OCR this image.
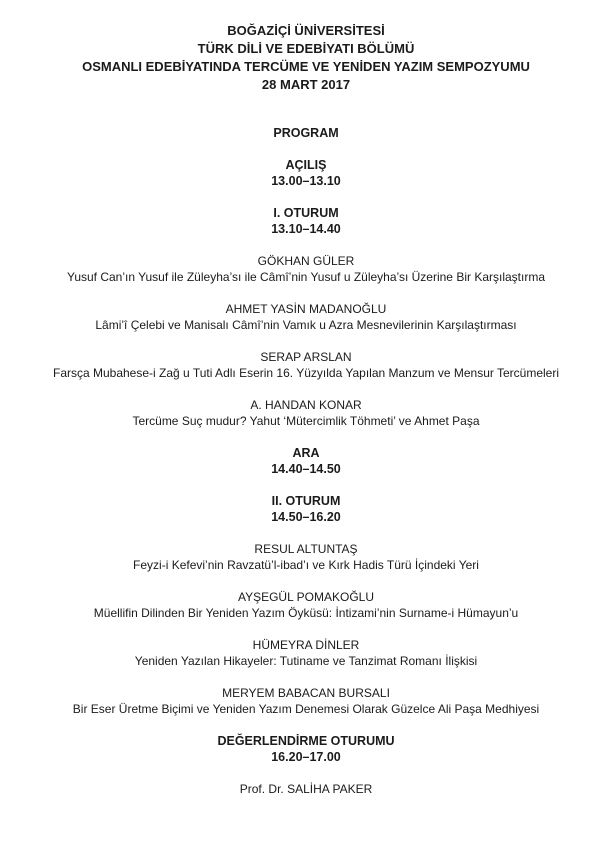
BOĞAZİÇİ ÜNİVERSİTESİ
TÜRK DİLİ VE EDEBİYATI BÖLÜMÜ
OSMANLI EDEBİYATINDA TERCÜME VE YENİDEN YAZIM SEMPOZYUMU
28 MART 2017
PROGRAM
AÇILIŞ
13.00–13.10
I. OTURUM
13.10–14.40
GÖKHAN GÜLER
Yusuf Can’ın Yusuf ile Züleyha’sı ile Câmî’nin Yusuf u Züleyha’sı Üzerine Bir Karşılaştırma
AHMET YASİN MADANOĞLU
Lâmi’î Çelebi ve Manisalı Câmî’nin Vamık u Azra Mesnevilerinin Karşılaştırması
SERAP ARSLAN
Farsça Mubahese-i Zağ u Tuti Adlı Eserin 16. Yüzyılda Yapılan Manzum ve Mensur Tercümeleri
A. HANDAN KONAR
Tercüme Suç mudur? Yahut ‘Mütercimlik Töhmeti’ ve Ahmet Paşa
ARA
14.40–14.50
II. OTURUM
14.50–16.20
RESUL ALTUNTAŞ
Feyzi-i Kefevi’nin Ravzatü’l-ibad’ı ve Kırk Hadis Türü İçindeki Yeri
AYŞEGÜL POMAKOĞLU
Müellifin Dilinden Bir Yeniden Yazım Öyküsü: İntizami’nin Surname-i Hümayun’u
HÜMEYRA DİNLER
Yeniden Yazılan Hikayeler: Tutiname ve Tanzimat Romanı İlişkisi
MERYEM BABACAN BURSALI
Bir Eser Üretme Biçimi ve Yeniden Yazım Denemesi Olarak Güzelce Ali Paşa Medhiyesi
DEĞERLENDİRME OTURUMU
16.20–17.00
Prof. Dr. SALİHA PAKER
